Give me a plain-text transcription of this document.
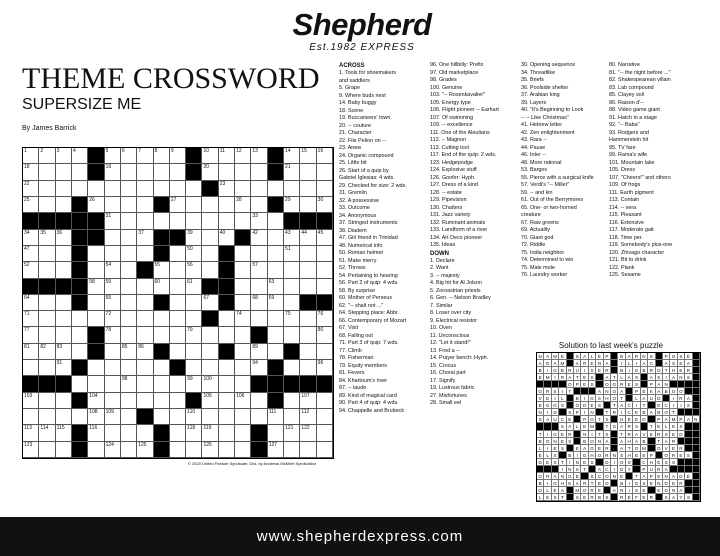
Shepherd
Est.1982 EXPRESS
THEME CROSSWORD
SUPERSIZE ME
By James Barrick
1	2	3	4	5	6	7	8	9	10 11 12 13	14 15 16
18	19	20	21
22	23
25	26	27	28	29	30
31	33
34 35 36	37	39	40	42	43 44 45
47	50	51
52	54	55	56	57
58 59	60	61	63
64	65	67	68 69
71	72	74	75	76
77	78	79	80
81 82 83	85 86	89
91	94	96
98	99 100
103	104	105	106	107
108 109	110	111	112
113 114 115	116	118 119	121 122
123	124	125	126	127
© 2020 United Feature Syndicate, Dist. by Andrews McMeel Syndication
ACROSS
1. Tools for shoemakers
and saddlers
5. Grape
9. Where buds nest
14. Baby buggy
18. Scene
19. Buccaneers' town
20. -- couture
21. Character
22. File Pelion on --
23. Anew
24. Organic compound
25. Little bit
26. Start of a quip by
Gabriel Iglesias: 4 wds.
29. Checked for size: 2 wds.
31. Gremlin
32. A possessive
33. Outcome
34. Anonymous
37. Stringed instruments
38. Diadem
47. Girl friend in Trinidad
48. Numerical info
50. Roman helmet
51. Make merry
52. Throws
54. Pertaining to hearing
56. Part 2 of quip: 4 wds.
58. By surprise
60. Mother of Perseus
62. "-- shalt not ..."
64. Stepping place: Abbr.
66. Contemporary of Mozart
67. Visit
68. Falling out
71. Part 3 of quip: 7 wds.
77. Climb
78. Fisherman
79. Equity members
81. Fevers
84. Khartoum's river
87. -- laude
89. Kind of magical card
90. Part 4 of quip: 4 wds.
94. Chappelle and Brubeck
96. One hillbilly: Prefix
97. Old marketplace
98. Grades
100. Genuine
103. "-- Rosenkavalier"
105. Energy type
106. Flight pioneer -- Earhart
107. Of swimming
109. -- excellence
111. One of the Aleutians
112. -- Magnon
113. Cutting tool
117. End of the quip: 2 wds.
123. Hedgepodge
124. Explosive stuff
126. Goofer: Hyph.
127. Dress of a kind
128. -- estate
129. Pipevision
130. Chatters
131. Jazz variety
132. Ruminant animals
133. Landform of a river
134. Art Deco pioneer
135. Ideas
DOWN
1. Declare
2. Want
3. -- majesty
4. Big hit for Al Jolson
5. Zoroastrian priests
6. Gen. -- Nelson Bradley
7. Similar
8. Loser over city
9. Electrical resistor
10. Oven
11. Unconscious
12. "Let it stand!"
13. Fred a --
14. Prayer bench: Hyph.
15. Crocus
16. Choral part
17. Signify
19. Lustrous fabric
27. Misfortunes
28. Small eel
30. Opening sequence
34. Threadlike
35. Briefs
36. Poolside shelter
37. Arabian king
39. Layers
40. "It's Beginning to Look
-- -- Like Christmas"
41. Hebrew letter
42. Zen enlightenment
43. Rara --
44. Pause
46. Inter --
48. More rational
53. Barges
55. Pierce with a surgical knife
57. Verdi's "-- Miller"
59. -- and kin
61. Out of the Berrymores
65. One- or two-horned
creature
67. Raw greens
69. Actuality
70. Giant god
72. Riddle
75. India neighbor
74. Determined to win
75. Male mole
76. Laundry worker
80. Narrative
81. "-- the night before ..."
82. Shakespearean villain
83. Lab compound
85. Clayey soil
86. Raison d'--
88. Video game giant
91. Hatch in a stage
92. "-- Baba"
93. Rodgers and
Hammerstein hit
95. TV fare
99. Rama's wife
101. Mountain lake
105. Dress
107. "Cheers!" and others
109. Of frogs
111. Earth pigment
113. Contain
114. -- vera
115. Pleasant
116. Extensive
117. Moderate gait
118. Time per.
119. Somebody's plus-one
120. Zhivago character
121. Bit to drink
122. Plank
125. Sesame
Solution to last week's puzzle
N A M E	S A L E P	B A R N S	P O S E
A D A M	A R E N A	I	L	I	A C	A S E A
B	I	G B R U	I	S E R	B	I	G B R O T H E R
E M	I	R A T E S	A T	L A S	A S	I	A N S
O P E S	O G R E S	P A N
O R S	I	T	A N O A	P E K A B O O
V E	I	L	B	I	G S H O T	L A U D	I	R A
E G G S	O D E S	T A C	I	T	E C	I	I	S
N	I	D	S P	I	N	T R	I	C E B A B O T
S A U C E	P O T S	H E E D	P A M P A N
S A L E M	T S A R S	T E	L E X
T	I	G E R	N	I	T S	T R A V E R S E D
B O N E S	B O N A	A H A B	T A R
L	I	E S	E A G E R	A T O M	O V E R
E L S	B	I	G H O R N S H E E P	O R E S
D E S T	I	N E S	D	I	O S	C H E S S
I	N S T	A C	I	D Y	P U R A
O R A N G E	S C O N E	T A P E N A D E
B	I	G H E A R T E D	B	I	G S E N D E R
O L E A	M O R E	A R	I	S E	E D N A
L E S T	S E R B S	R E F E R	S A Y S
www.shepherdexpress.com
